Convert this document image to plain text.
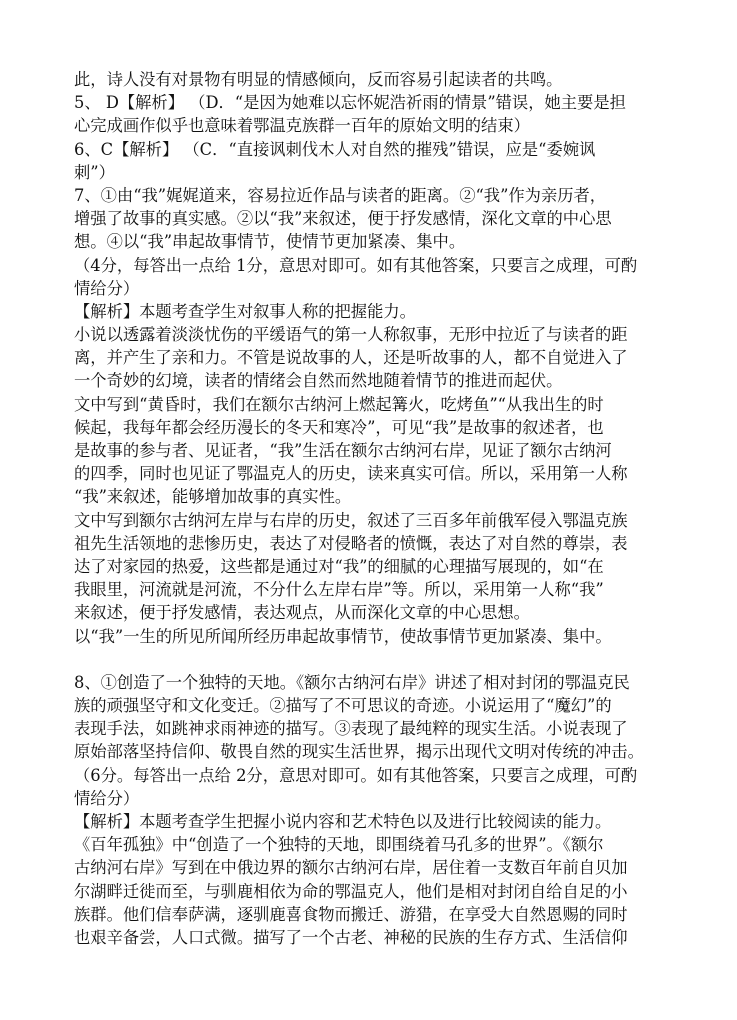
此，诗人没有对景物有明显的情感倾向，反而容易引起读者的共鸣。
5、 D【解析】 （D．“是因为她难以忘怀妮浩祈雨的情景”错误，她主要是担
心完成画作似乎也意味着鄂温克族群一百年的原始文明的结束）
6、C【解析】 （C．“直接讽刺伐木人对自然的摧残”错误，应是“委婉讽
刺”）
7、①由“我”娓娓道来，容易拉近作品与读者的距离。②“我”作为亲历者，
增强了故事的真实感。②以“我”来叙述，便于抒发感情，深化文章的中心思
想。④以“我”串起故事情节，使情节更加紧凑、集中。
（4分，每答出一点给 1分，意思对即可。如有其他答案，只要言之成理，可酌
情给分）
【解析】本题考查学生对叙事人称的把握能力。
小说以透露着淡淡忧伤的平缓语气的第一人称叙事，无形中拉近了与读者的距
离，并产生了亲和力。不管是说故事的人，还是听故事的人，都不自觉进入了
一个奇妙的幻境，读者的情绪会自然而然地随着情节的推进而起伏。
文中写到“黄昏时，我们在额尔古纳河上燃起篝火，吃烤鱼”“从我出生的时
候起，我每年都会经历漫长的冬天和寒冷”，可见“我”是故事的叙述者，也
是故事的参与者、见证者，“我”生活在额尔古纳河右岸，见证了额尔古纳河
的四季，同时也见证了鄂温克人的历史，读来真实可信。所以，采用第一人称
“我”来叙述，能够增加故事的真实性。
文中写到额尔古纳河左岸与右岸的历史，叙述了三百多年前俄军侵入鄂温克族
祖先生活领地的悲惨历史，表达了对侵略者的愤慨，表达了对自然的尊崇，表
达了对家园的热爱，这些都是通过对“我”的细腻的心理描写展现的，如“在
我眼里，河流就是河流，不分什么左岸右岸”等。所以，采用第一人称“我”
来叙述，便于抒发感情，表达观点，从而深化文章的中心思想。
以“我”一生的所见所闻所经历串起故事情节，使故事情节更加紧凑、集中。
8、①创造了一个独特的天地。《额尔古纳河右岸》讲述了相对封闭的鄂温克民
族的顽强坚守和文化变迁。②描写了不可思议的奇迹。小说运用了“魔幻”的
表现手法，如跳神求雨神迹的描写。③表现了最纯粹的现实生活。小说表现了
原始部落坚持信仰、敬畏自然的现实生活世界，揭示出现代文明对传统的冲击。
（6分。每答出一点给 2分，意思对即可。如有其他答案，只要言之成理，可酌
情给分）
【解析】本题考查学生把握小说内容和艺术特色以及进行比较阅读的能力。
《百年孤独》中“创造了一个独特的天地，即围绕着马孔多的世界”。《额尔
古纳河右岸》写到在中俄边界的额尔古纳河右岸，居住着一支数百年前自贝加
尔湖畔迁徙而至，与驯鹿相依为命的鄂温克人，他们是相对封闭自给自足的小
族群。他们信奉萨满，逐驯鹿喜食物而搬迁、游猎，在享受大自然恩赐的同时
也艰辛备尝，人口式微。描写了一个古老、神秘的民族的生存方式、生活信仰
